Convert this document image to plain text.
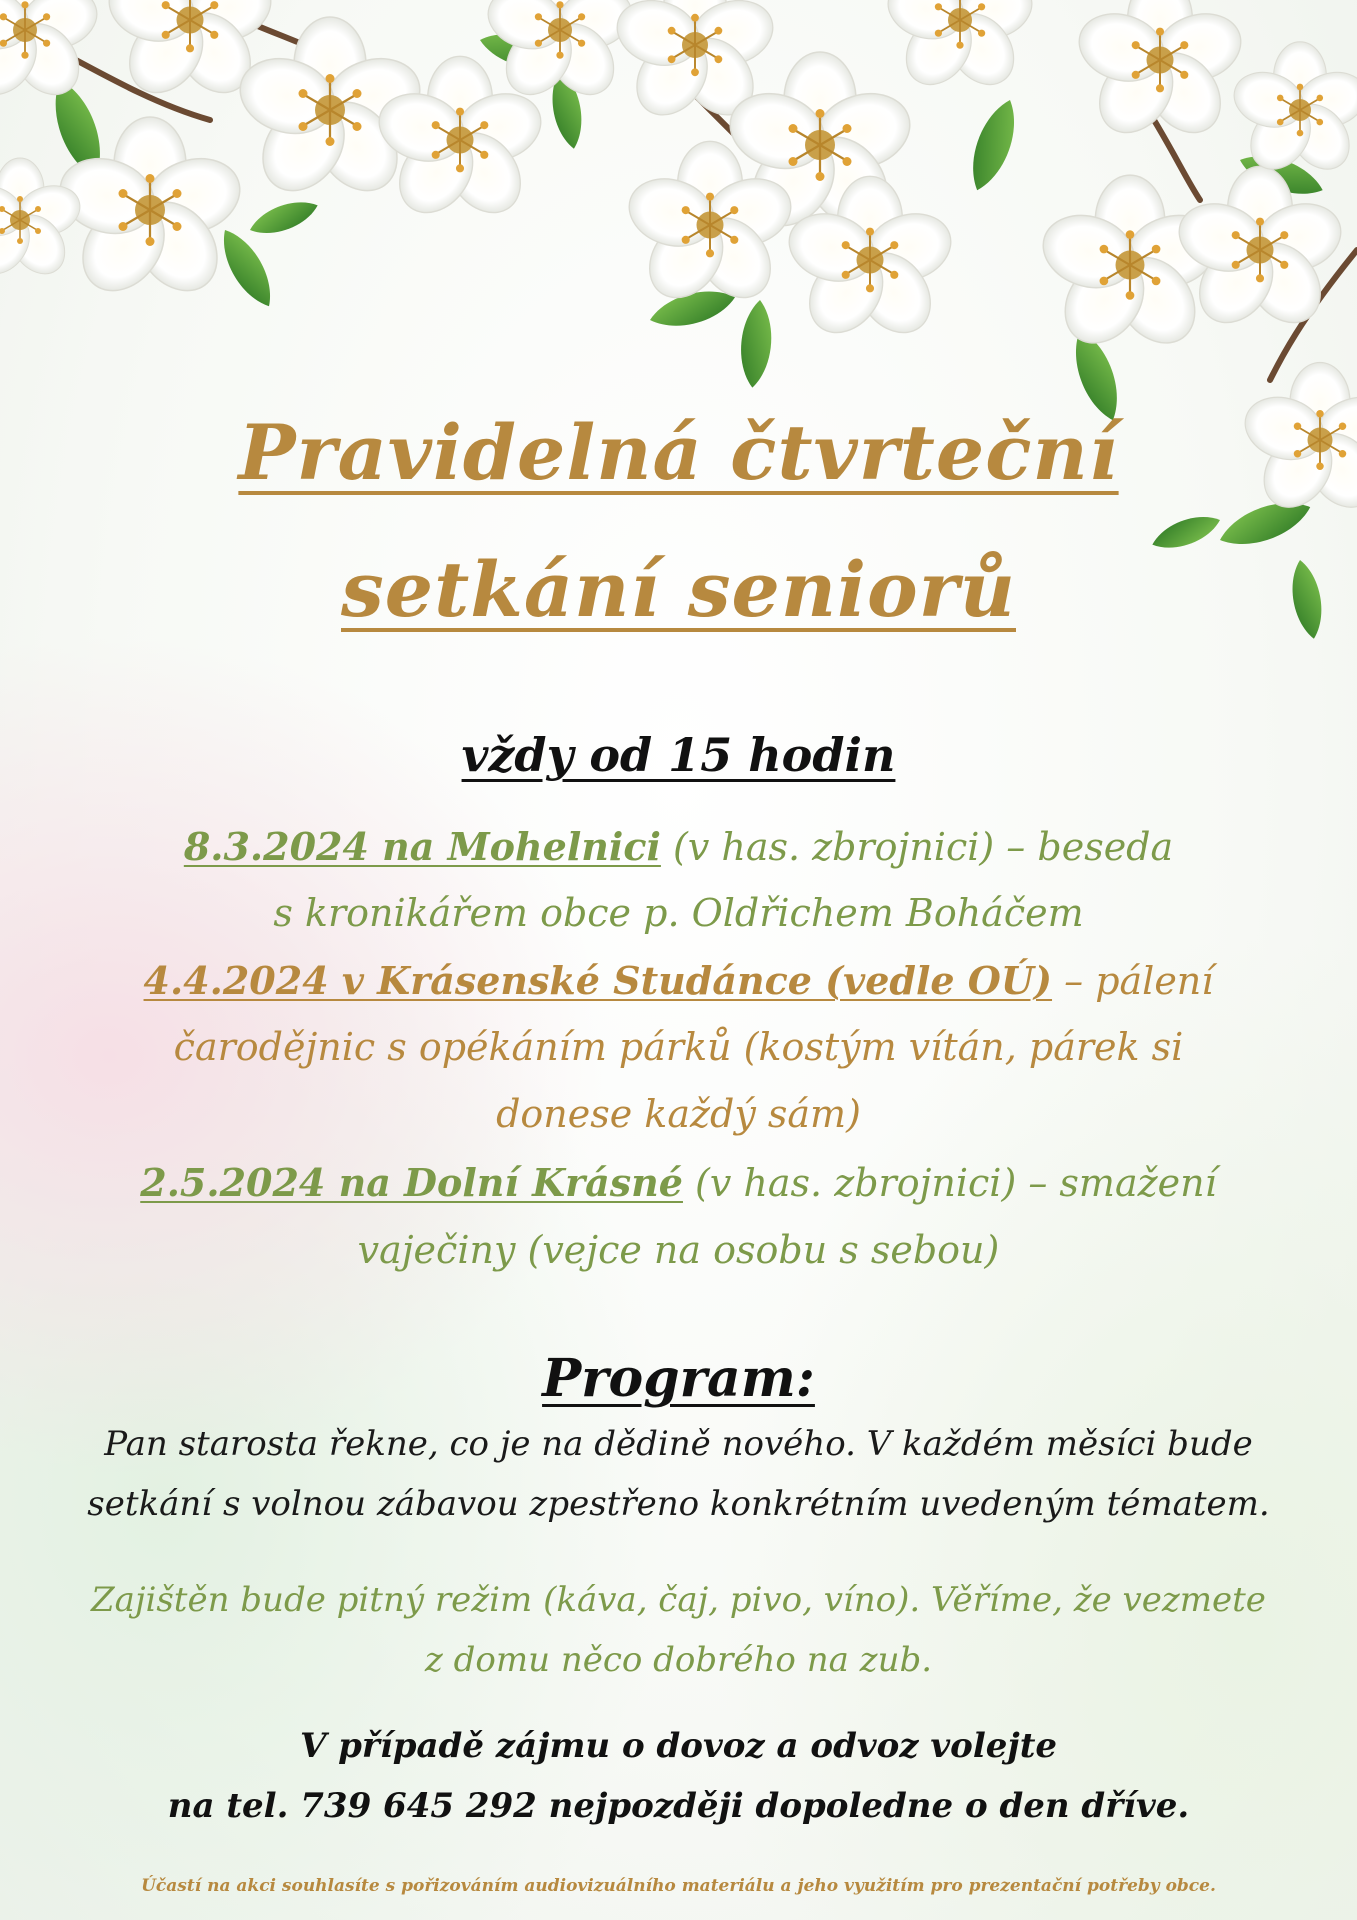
Pravidelná čtvrteční
setkání seniorů
vždy od 15 hodin
8.3.2024 na Mohelnici (v has. zbrojnici) – beseda
s kronikářem obce p. Oldřichem Boháčem
4.4.2024 v Krásenské Studánce (vedle OÚ) – pálení
čarodějnic s opékáním párků (kostým vítán, párek si
donese každý sám)
2.5.2024 na Dolní Krásné (v has. zbrojnici) – smažení
vaječiny (vejce na osobu s sebou)
Program:
Pan starosta řekne, co je na dědině nového. V každém měsíci bude
setkání s volnou zábavou zpestřeno konkrétním uvedeným tématem.
Zajištěn bude pitný režim (káva, čaj, pivo, víno). Věříme, že vezmete
z domu něco dobrého na zub.
V případě zájmu o dovoz a odvoz volejte
na tel. 739 645 292 nejpozději dopoledne o den dříve.
Účastí na akci souhlasíte s pořizováním audiovizuálního materiálu a jeho využitím pro prezentační potřeby obce.
